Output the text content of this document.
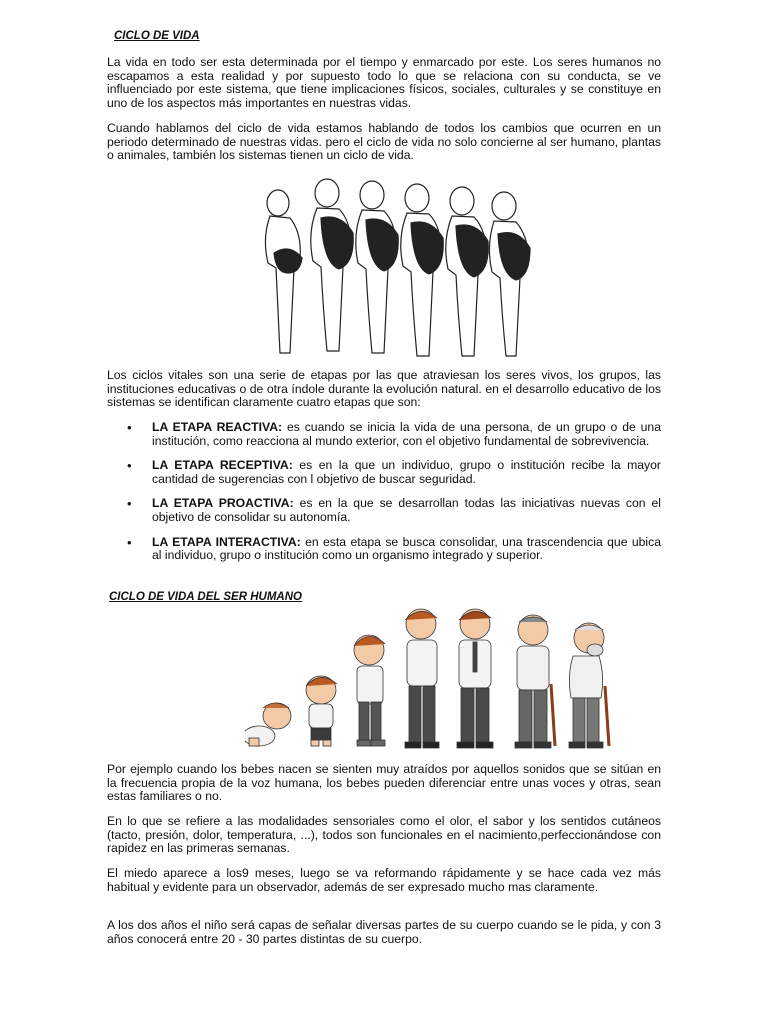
CICLO DE VIDA

La vida en todo ser esta determinada por el tiempo y enmarcado por este. Los seres humanos no escapamos a esta realidad y por supuesto todo lo que se relaciona con su conducta, se ve influenciado por este sistema, que tiene implicaciones físicos, sociales, culturales y se constituye en uno de los aspectos más importantes en nuestras vidas.

Cuando hablamos del ciclo de vida estamos hablando de todos los cambios que ocurren en un periodo determinado de nuestras vidas. pero el ciclo de vida no solo concierne al ser humano, plantas o animales, también los sistemas tienen un ciclo de vida.

Los ciclos vitales son una serie de etapas por las que atraviesan los seres vivos, los grupos, las instituciones educativas o de otra índole durante la evolución natural. en el desarrollo educativo de los sistemas se identifican claramente cuatro etapas que son:

• LA ETAPA REACTIVA: es cuando se inicia la vida de una persona, de un grupo o de una institución, como reacciona al mundo exterior, con el objetivo fundamental de sobrevivencia.
• LA ETAPA RECEPTIVA: es en la que un individuo, grupo o institución recibe la mayor cantidad de sugerencias con l objetivo de buscar seguridad.
• LA ETAPA PROACTIVA: es en la que se desarrollan todas las iniciativas nuevas con el objetivo de consolidar su autonomía.
• LA ETAPA INTERACTIVA: en esta etapa se busca consolidar, una trascendencia que ubica al individuo, grupo o institución como un organismo integrado y superior.
CICLO DE VIDA DEL SER HUMANO

Por ejemplo cuando los bebes nacen se sienten muy atraídos por aquellos sonidos que se sitúan en la frecuencia propia de la voz humana, los bebes pueden diferenciar entre unas voces y otras, sean estas familiares o no.

En lo que se refiere a las modalidades sensoriales como el olor, el sabor y los sentidos cutáneos (tacto, presión, dolor, temperatura, ...), todos son funcionales en el nacimiento,perfeccionándose con rapidez en las primeras semanas.

El miedo aparece a los9 meses, luego se va reformando rápidamente y se hace cada vez más habitual y evidente para un observador, además de ser expresado mucho mas claramente.

A los dos años el niño será capas de señalar diversas partes de su cuerpo cuando se le pida, y con 3 años conocerá entre 20 - 30 partes distintas de su cuerpo.
